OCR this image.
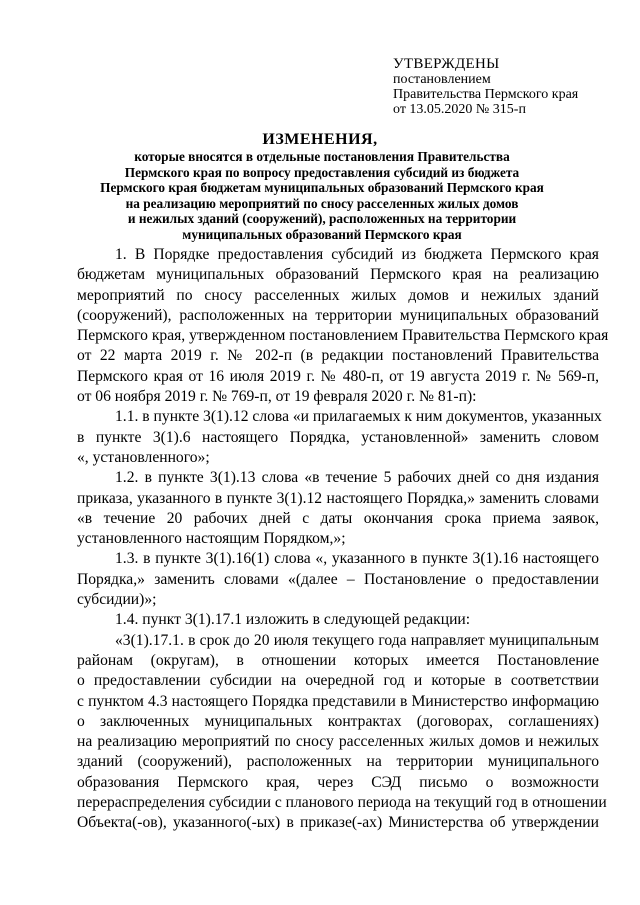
УТВЕРЖДЕНЫ
постановлением
Правительства Пермского края
от 13.05.2020 № 315-п
ИЗМЕНЕНИЯ,
которые вносятся в отдельные постановления Правительства
Пермского края по вопросу предоставления субсидий из бюджета
Пермского края бюджетам муниципальных образований Пермского края
на реализацию мероприятий по сносу расселенных жилых домов
и нежилых зданий (сооружений), расположенных на территории
муниципальных образований Пермского края
1. В Порядке предоставления субсидий из бюджета Пермского края
бюджетам муниципальных образований Пермского края на реализацию
мероприятий по сносу расселенных жилых домов и нежилых зданий
(сооружений), расположенных на территории муниципальных образований
Пермского края, утвержденном постановлением Правительства Пермского края
от 22 марта 2019 г. № 202-п (в редакции постановлений Правительства
Пермского края от 16 июля 2019 г. № 480-п, от 19 августа 2019 г. № 569-п,
от 06 ноября 2019 г. № 769-п, от 19 февраля 2020 г. № 81-п):
1.1. в пункте 3(1).12 слова «и прилагаемых к ним документов, указанных
в пункте 3(1).6 настоящего Порядка, установленной» заменить словом
«, установленного»;
1.2. в пункте 3(1).13 слова «в течение 5 рабочих дней со дня издания
приказа, указанного в пункте 3(1).12 настоящего Порядка,» заменить словами
«в течение 20 рабочих дней с даты окончания срока приема заявок,
установленного настоящим Порядком,»;
1.3. в пункте 3(1).16(1) слова «, указанного в пункте 3(1).16 настоящего
Порядка,» заменить словами «(далее – Постановление о предоставлении
субсидии)»;
1.4. пункт 3(1).17.1 изложить в следующей редакции:
«3(1).17.1. в срок до 20 июля текущего года направляет муниципальным
районам (округам), в отношении которых имеется Постановление
о предоставлении субсидии на очередной год и которые в соответствии
с пунктом 4.3 настоящего Порядка представили в Министерство информацию
о заключенных муниципальных контрактах (договорах, соглашениях)
на реализацию мероприятий по сносу расселенных жилых домов и нежилых
зданий (сооружений), расположенных на территории муниципального
образования Пермского края, через СЭД письмо о возможности
перераспределения субсидии с планового периода на текущий год в отношении
Объекта(-ов), указанного(-ых) в приказе(-ах) Министерства об утверждении
